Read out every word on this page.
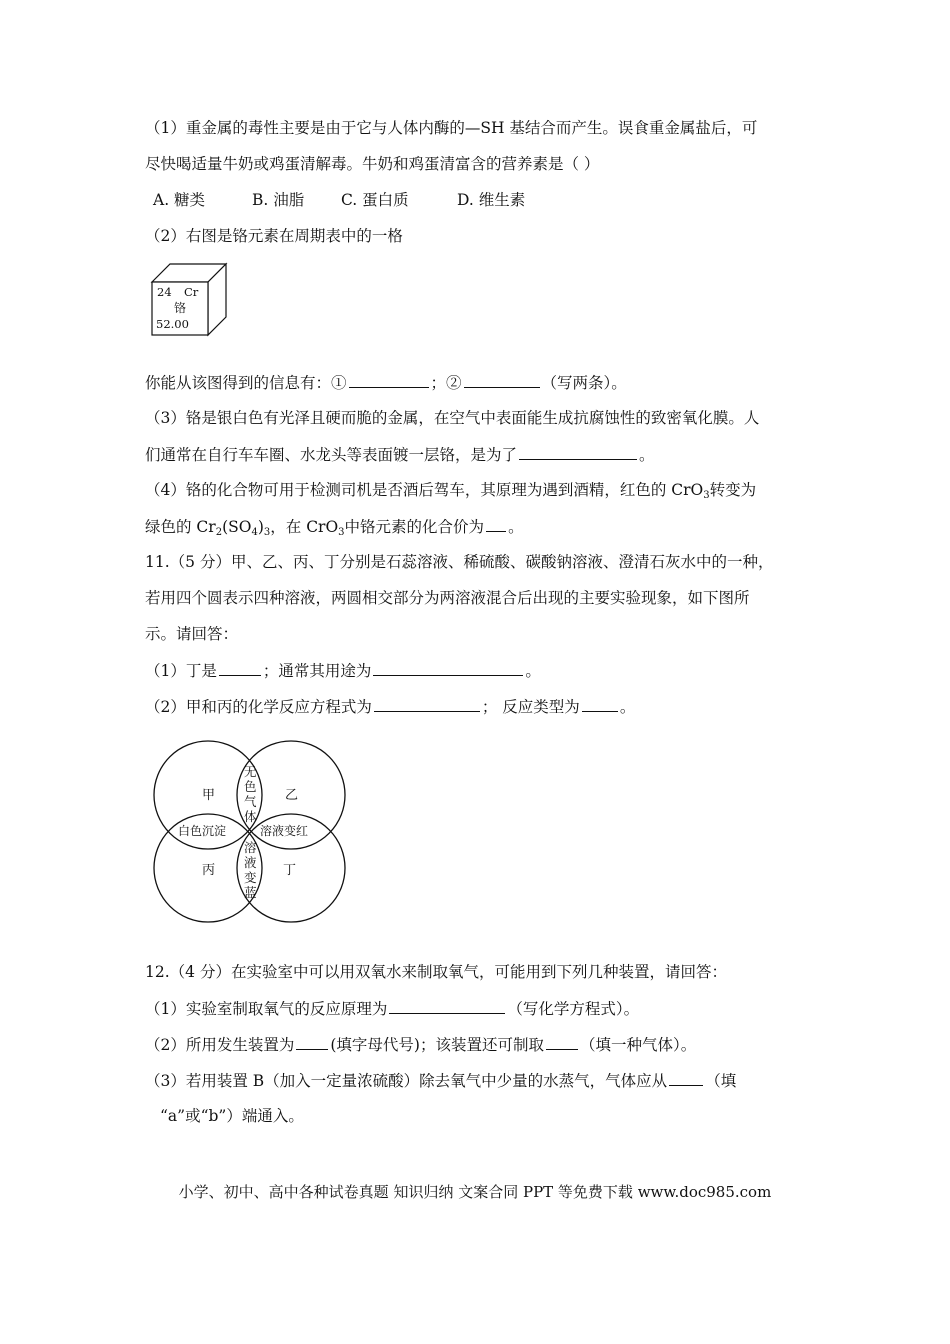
（1）重金属的毒性主要是由于它与人体内酶的—SH 基结合而产生。误食重金属盐后，可
尽快喝适量牛奶或鸡蛋清解毒。牛奶和鸡蛋清富含的营养素是（ ）
A. 糖类	B. 油脂 C. 蛋白质	D. 维生素
（2）右图是铬元素在周期表中的一格
24 Cr
铬
52.00
你能从该图得到的信息有：①	；②	（写两条）。
（3）铬是银白色有光泽且硬而脆的金属，在空气中表面能生成抗腐蚀性的致密氧化膜。人
们通常在自行车车圈、水龙头等表面镀一层铬，是为了	。
（4）铬的化合物可用于检测司机是否酒后驾车，其原理为遇到酒精，红色的 CrO$_3$转变为
绿色的 $Cr_2(SO_4)_3$，在 CrO$_3$中铬元素的化合价为 。
11.（5 分）甲、乙、丙、丁分别是石蕊溶液、稀硫酸、碳酸钠溶液、澄清石灰水中的一种，
若用四个圆表示四种溶液，两圆相交部分为两溶液混合后出现的主要实验现象，如下图所
示。请回答：
（1）丁是	；通常其用途为	。
（2）甲和丙的化学反应方程式为	； 反应类型为	。
甲	乙
丙	丁
无
色
气
体
白色沉淀	溶液变红
溶
液
变
蓝
12.（4 分）在实验室中可以用双氧水来制取氧气，可能用到下列几种装置，请回答：
（1）实验室制取氧气的反应原理为	（写化学方程式）。
（2）所用发生装置为 (填字母代号)；该装置还可制取 （填一种气体）。
（3）若用装置 B（加入一定量浓硫酸）除去氧气中少量的水蒸气，气体应从 （填
“a”或“b”）端通入。
小学、初中、高中各种试卷真题 知识归纳 文案合同 PPT 等免费下载 www.doc985.com
